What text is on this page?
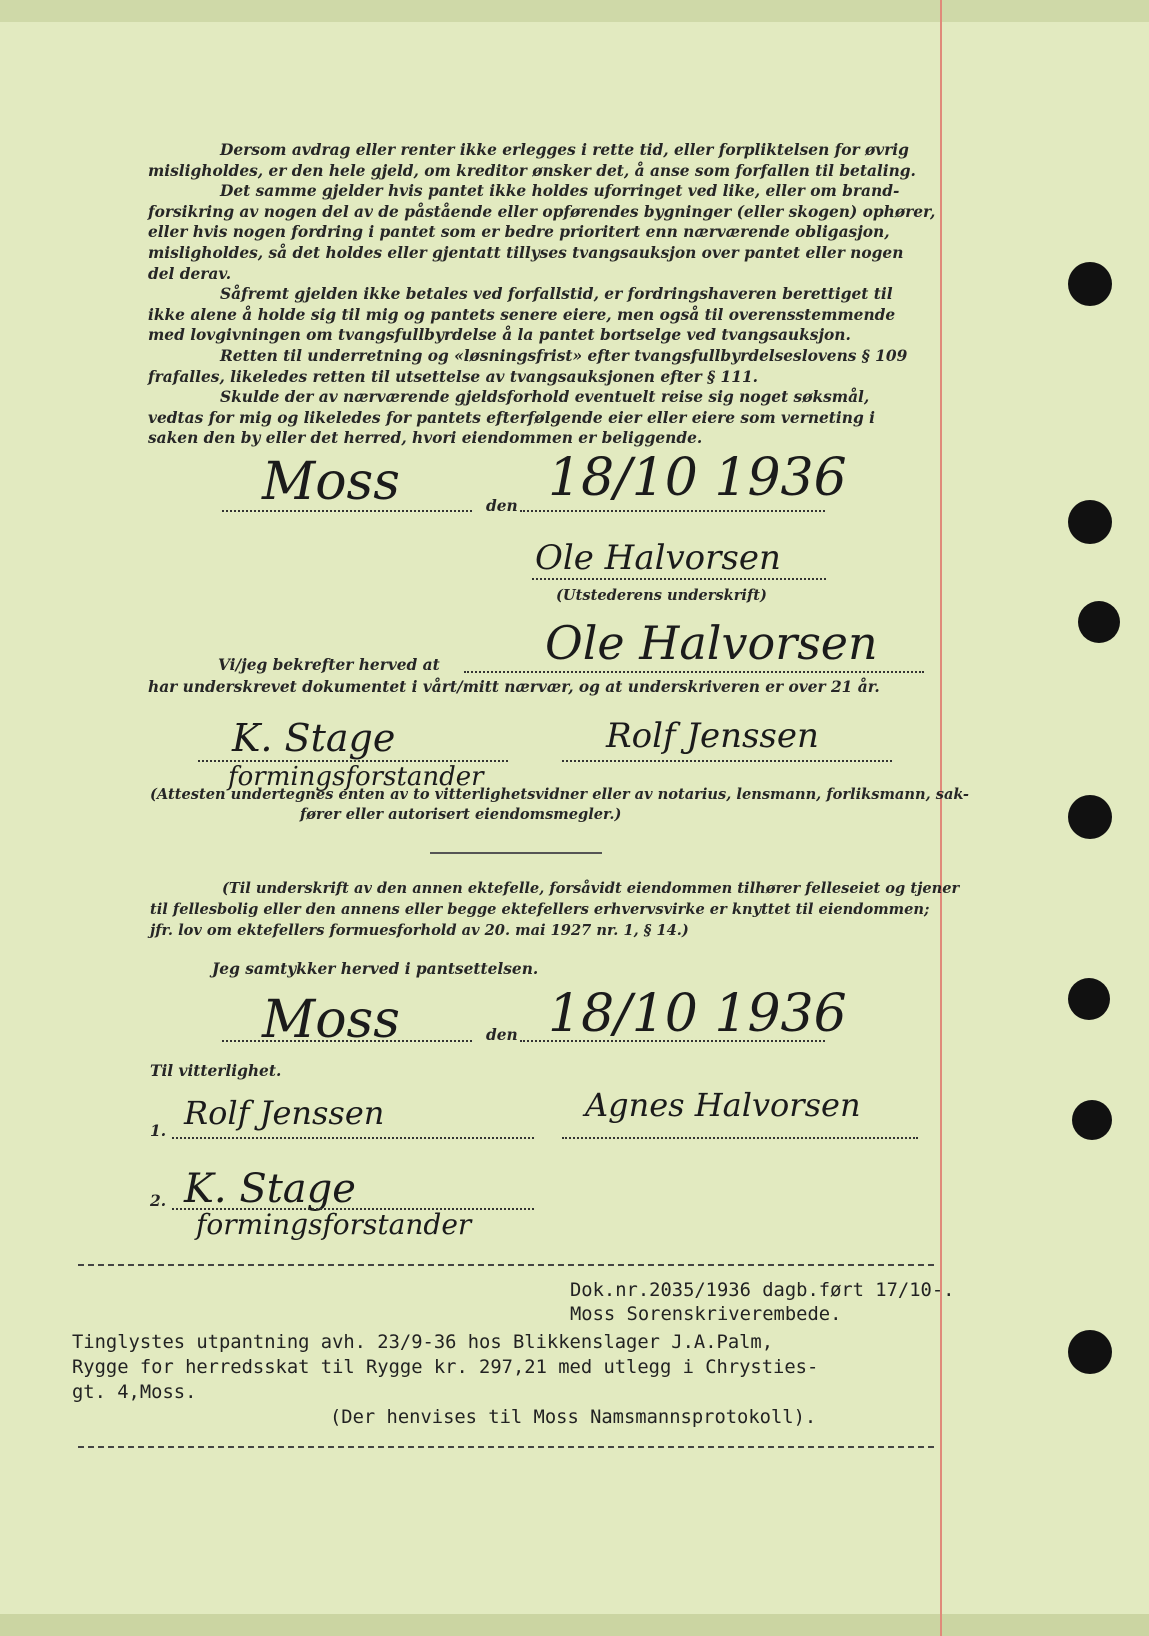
Dersom avdrag eller renter ikke erlegges i rette tid, eller forpliktelsen for øvrig
misligholdes, er den hele gjeld, om kreditor ønsker det, å anse som forfallen til betaling.
Det samme gjelder hvis pantet ikke holdes uforringet ved like, eller om brand-
forsikring av nogen del av de påstående eller opførendes bygninger (eller skogen) ophører,
eller hvis nogen fordring i pantet som er bedre prioritert enn nærværende obligasjon,
misligholdes, så det holdes eller gjentatt tillyses tvangsauksjon over pantet eller nogen
del derav.
Såfremt gjelden ikke betales ved forfallstid, er fordringshaveren berettiget til
ikke alene å holde sig til mig og pantets senere eiere, men også til overensstemmende
med lovgivningen om tvangsfullbyrdelse å la pantet bortselge ved tvangsauksjon.
Retten til underretning og «løsningsfrist» efter tvangsfullbyrdelseslovens § 109
frafalles, likeledes retten til utsettelse av tvangsauksjonen efter § 111.
Skulde der av nærværende gjeldsforhold eventuelt reise sig noget søksmål,
vedtas for mig og likeledes for pantets efterfølgende eier eller eiere som verneting i
saken den by eller det herred, hvori eiendommen er beliggende.
Moss	den 18/10 1936
Ole Halvorsen
(Utstederens underskrift)
Vi/jeg bekrefter herved at Ole Halvorsen
har underskrevet dokumentet i vårt/mitt nærvær, og at underskriveren er over 21 år.
K. Stage
formingsforstander
Rolf Jenssen
(Attesten undertegnes enten av to vitterlighetsvidner eller av notarius, lensmann, forliksmann, sak-
fører eller autorisert eiendomsmegler.)
(Til underskrift av den annen ektefelle, forsåvidt eiendommen tilhører felleseiet og tjener
til fellesbolig eller den annens eller begge ektefellers erhvervsvirke er knyttet til eiendommen;
jfr. lov om ektefellers formuesforhold av 20. mai 1927 nr. 1, § 14.)
Jeg samtykker herved i pantsettelsen.
Moss	den 18/10 1936
Til vitterlighet.
1. Rolf Jenssen	Agnes Halvorsen
2. K. Stage
formingsforstander
Dok.nr.2035/1936 dagb.ført 17/10-.
Moss Sorenskriverembede.
Tinglystes utpantning avh. 23/9-36 hos Blikkenslager J.A.Palm,
Rygge for herredsskat til Rygge kr. 297,21 med utlegg i Chrysties-
gt. 4,Moss.
(Der henvises til Moss Namsmannsprotokoll).
